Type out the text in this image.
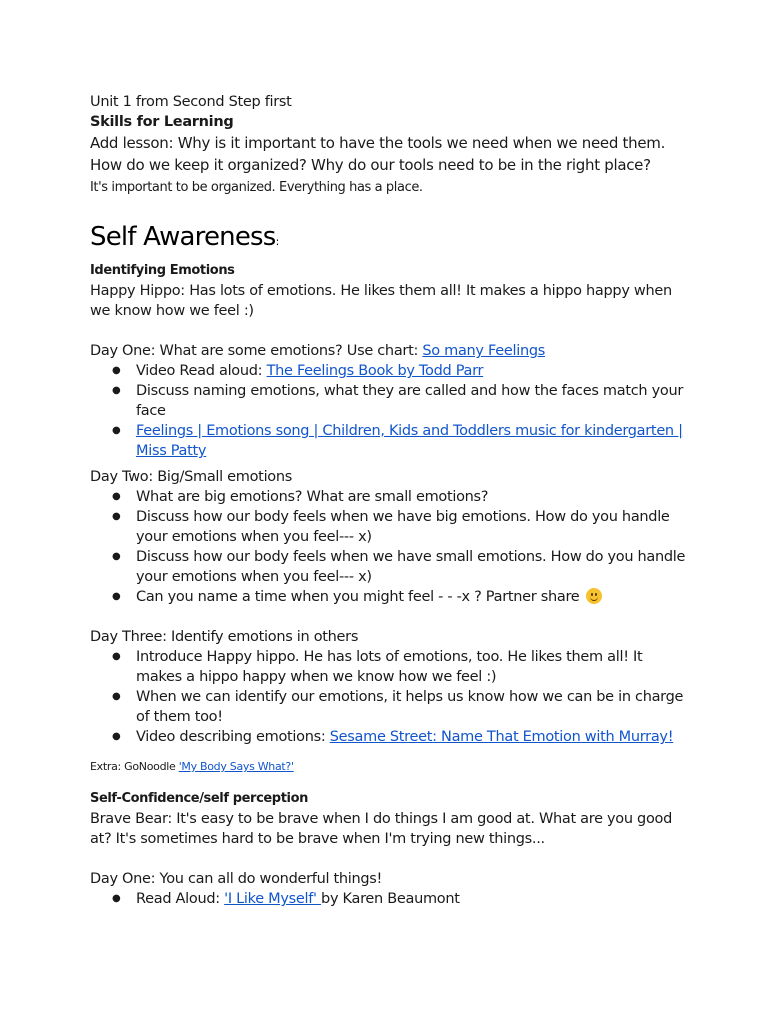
Unit 1 from Second Step first

Skills for Learning

Add lesson: Why is it important to have the tools we need when we need them. How do we keep it organized? Why do our tools need to be in the right place?

It's important to be organized. Everything has a place.

Self Awareness:

Identifying Emotions

Happy Hippo: Has lots of emotions. He likes them all! It makes a hippo happy when we know how we feel :)

Day One: What are some emotions? Use chart: So many Feelings

● Video Read aloud: The Feelings Book by Todd Parr
● Discuss naming emotions, what they are called and how the faces match your face
● Feelings | Emotions song | Children, Kids and Toddlers music for kindergarten | Miss Patty

Day Two: Big/Small emotions

● What are big emotions? What are small emotions?
● Discuss how our body feels when we have big emotions. How do you handle your emotions when you feel--- x)
● Discuss how our body feels when we have small emotions. How do you handle your emotions when you feel--- x)
● Can you name a time when you might feel - - -x ? Partner share

Day Three: Identify emotions in others

● Introduce Happy hippo. He has lots of emotions, too. He likes them all! It makes a hippo happy when we know how we feel :)
● When we can identify our emotions, it helps us know how we can be in charge of them too!
● Video describing emotions: Sesame Street: Name That Emotion with Murray!

Extra: GoNoodle 'My Body Says What?'

Self-Confidence/self perception

Brave Bear: It's easy to be brave when I do things I am good at. What are you good at? It's sometimes hard to be brave when I'm trying new things...

Day One: You can all do wonderful things!

● Read Aloud: 'I Like Myself' by Karen Beaumont
